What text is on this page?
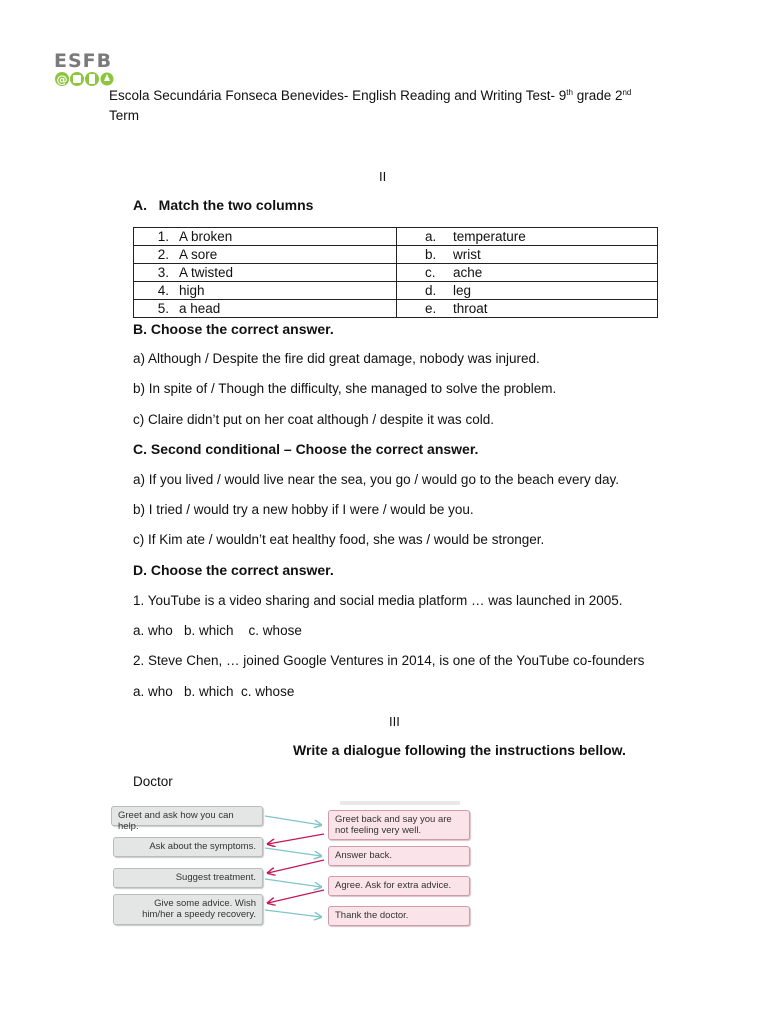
ESFB
@
Escola Secundária Fonseca Benevides- English Reading and Writing Test- 9th grade 2nd
Term
II
A. Match the two columns
1. A broken	a. temperature
2. A sore	b. wrist
3. A twisted	c. ache
4. high	d. leg
5. a head	e. throat
B. Choose the correct answer.
a) Although / Despite the fire did great damage, nobody was injured.
b) In spite of / Though the difficulty, she managed to solve the problem.
c) Claire didn’t put on her coat although / despite it was cold.
C. Second conditional – Choose the correct answer.
a) If you lived / would live near the sea, you go / would go to the beach every day.
b) I tried / would try a new hobby if I were / would be you.
c) If Kim ate / wouldn’t eat healthy food, she was / would be stronger.
D. Choose the correct answer.
1. YouTube is a video sharing and social media platform … was launched in 2005.
a. who   b. which    c. whose
2. Steve Chen, … joined Google Ventures in 2014, is one of the YouTube co-founders
a. who   b. which  c. whose
III
Write a dialogue following the instructions bellow.
Doctor
Greet and ask how you can help.
Ask about the symptoms.
Suggest treatment.
Give some advice. Wish him/her a speedy recovery.
Greet back and say you are not feeling very well.
Answer back.
Agree. Ask for extra advice.
Thank the doctor.
